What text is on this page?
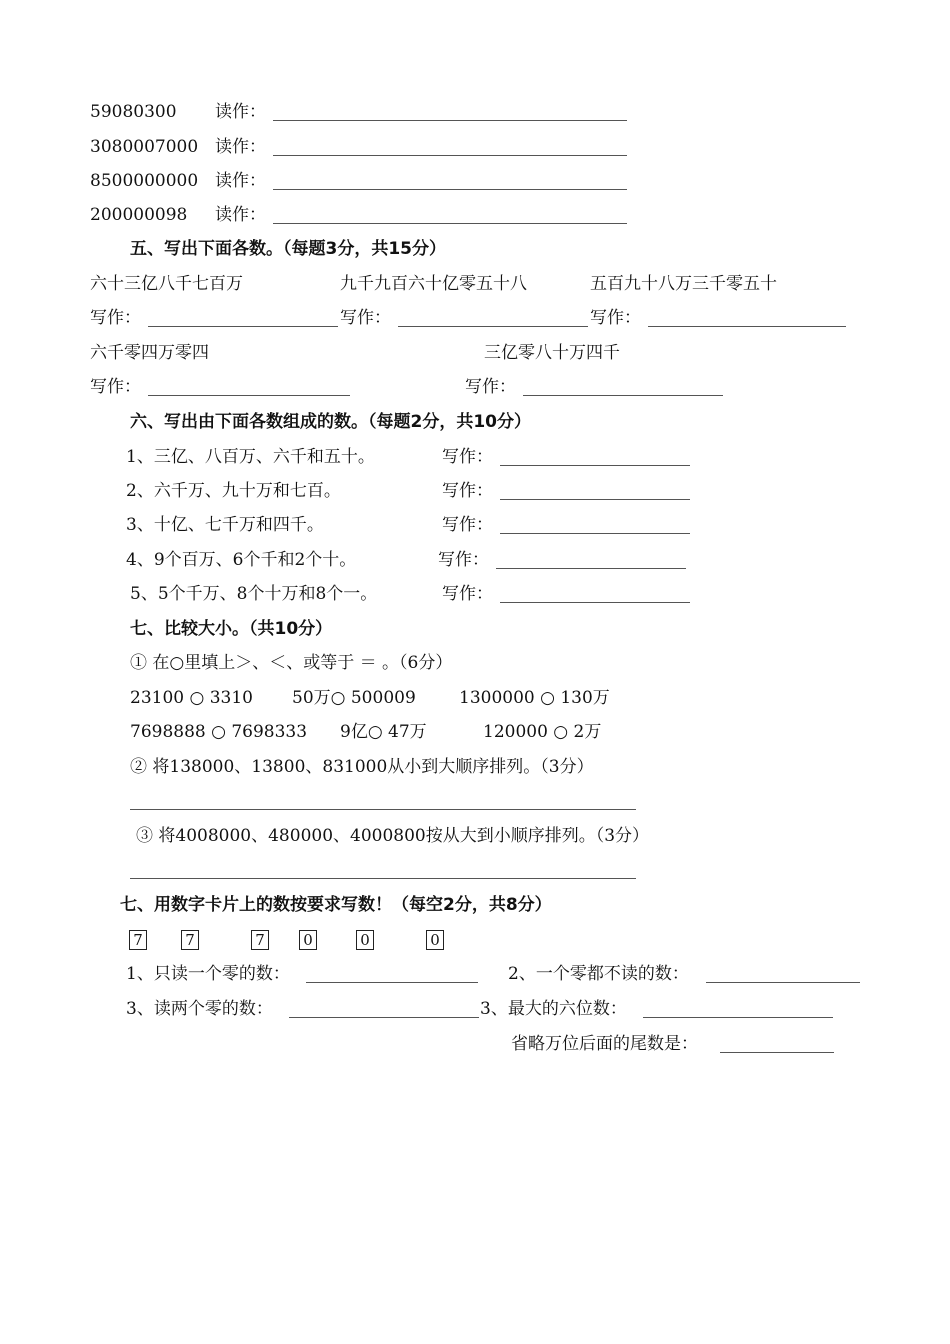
59080300 读作：
3080007000 读作：
8500000000 读作：
200000098 读作：
五、写出下面各数。（每题3分，共15分）
六十三亿八千七百万	九千九百六十亿零五十八	五百九十八万三千零五十
写作：	写作：	写作：
六千零四万零四	三亿零八十万四千
写作：	写作：
六、写出由下面各数组成的数。（每题2分，共10分）
1、三亿、八百万、六千和五十。	写作：
2、六千万、九十万和七百。	写作：
3、十亿、七千万和四千。	写作：
4、9个百万、6个千和2个十。	写作：
5、5个千万、8个十万和8个一。	写作：
七、比较大小。（共10分）
① 在○里填上＞、＜、或等于 ＝ 。（6分）
23100 ○ 3310 50万○ 500009	1300000 ○ 130万
7698888 ○ 7698333 9亿○ 47万	120000 ○ 2万
② 将138000、13800、831000从小到大顺序排列。（3分）
③ 将4008000、480000、4000800按从大到小顺序排列。（3分）
七、用数字卡片上的数按要求写数！（每空2分，共8分）
7	7	7	0	0	0
1、只读一个零的数：	2、一个零都不读的数：
3、读两个零的数：	3、最大的六位数：
省略万位后面的尾数是：
